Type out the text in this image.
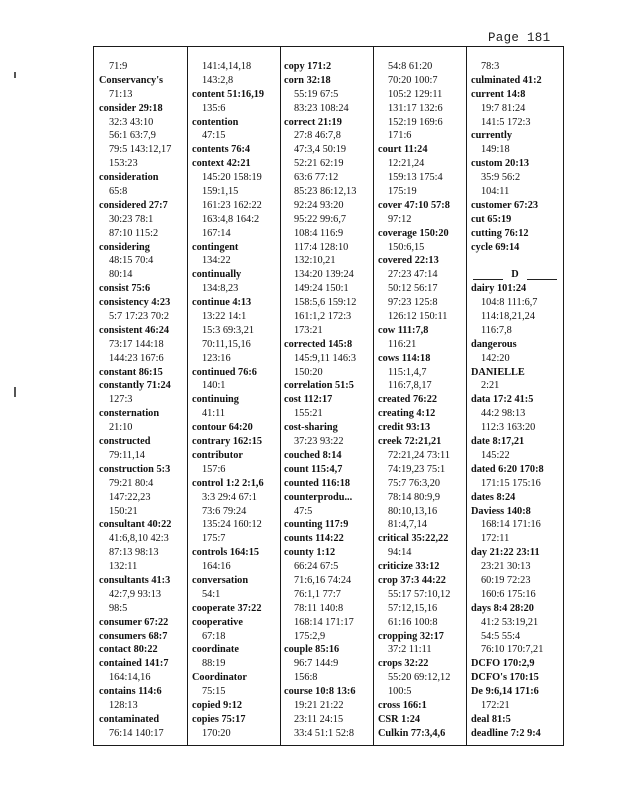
Page 181
71:9
Conservancy's
71:13
consider 29:18
32:3 43:10
56:1 63:7,9
79:5 143:12,17
153:23
consideration
65:8
considered 27:7
30:23 78:1
87:10 115:2
considering
48:15 70:4
80:14
consist 75:6
consistency 4:23
5:7 17:23 70:2
consistent 46:24
73:17 144:18
144:23 167:6
constant 86:15
constantly 71:24
127:3
consternation
21:10
constructed
79:11,14
construction 5:3
79:21 80:4
147:22,23
150:21
consultant 40:22
41:6,8,10 42:3
87:13 98:13
132:11
consultants 41:3
42:7,9 93:13
98:5
consumer 67:22
consumers 68:7
contact 80:22
contained 141:7
164:14,16
contains 114:6
128:13
contaminated
76:14 140:17
141:4,14,18
143:2,8
content 51:16,19
135:6
contention
47:15
contents 76:4
context 42:21
145:20 158:19
159:1,15
161:23 162:22
163:4,8 164:2
167:14
contingent
134:22
continually
134:8,23
continue 4:13
13:22 14:1
15:3 69:3,21
70:11,15,16
123:16
continued 76:6
140:1
continuing
41:11
contour 64:20
contrary 162:15
contributor
157:6
control 1:2 2:1,6
3:3 29:4 67:1
73:6 79:24
135:24 160:12
175:7
controls 164:15
164:16
conversation
54:1
cooperate 37:22
cooperative
67:18
coordinate
88:19
Coordinator
75:15
copied 9:12
copies 75:17
170:20
copy 171:2
corn 32:18
55:19 67:5
83:23 108:24
correct 21:19
27:8 46:7,8
47:3,4 50:19
52:21 62:19
63:6 77:12
85:23 86:12,13
92:24 93:20
95:22 99:6,7
108:4 116:9
117:4 128:10
132:10,21
134:20 139:24
149:24 150:1
158:5,6 159:12
161:1,2 172:3
173:21
corrected 145:8
145:9,11 146:3
150:20
correlation 51:5
cost 112:17
155:21
cost-sharing
37:23 93:22
couched 8:14
count 115:4,7
counted 116:18
counterprodu...
47:5
counting 117:9
counts 114:22
county 1:12
66:24 67:5
71:6,16 74:24
76:1,1 77:7
78:11 140:8
168:14 171:17
175:2,9
couple 85:16
96:7 144:9
156:8
course 10:8 13:6
19:21 21:22
23:11 24:15
33:4 51:1 52:8
54:8 61:20
70:20 100:7
105:2 129:11
131:17 132:6
152:19 169:6
171:6
court 11:24
12:21,24
159:13 175:4
175:19
cover 47:10 57:8
97:12
coverage 150:20
150:6,15
covered 22:13
27:23 47:14
50:12 56:17
97:23 125:8
126:12 150:11
cow 111:7,8
116:21
cows 114:18
115:1,4,7
116:7,8,17
created 76:22
creating 4:12
credit 93:13
creek 72:21,21
72:21,24 73:11
74:19,23 75:1
75:7 76:3,20
78:14 80:9,9
80:10,13,16
81:4,7,14
critical 35:22,22
94:14
criticize 33:12
crop 37:3 44:22
55:17 57:10,12
57:12,15,16
61:16 100:8
cropping 32:17
37:2 11:11
crops 32:22
55:20 69:12,12
100:5
cross 166:1
CSR 1:24
Culkin 77:3,4,6
78:3
culminated 41:2
current 14:8
19:7 81:24
141:5 172:3
currently
149:18
custom 20:13
35:9 56:2
104:11
customer 67:23
cut 65:19
cutting 76:12
cycle 69:14
D
dairy 101:24
104:8 111:6,7
114:18,21,24
116:7,8
dangerous
142:20
DANIELLE
2:21
data 17:2 41:5
44:2 98:13
112:3 163:20
date 8:17,21
145:22
dated 6:20 170:8
171:15 175:16
dates 8:24
Daviess 140:8
168:14 171:16
172:11
day 21:22 23:11
23:21 30:13
60:19 72:23
160:6 175:16
days 8:4 28:20
41:2 53:19,21
54:5 55:4
76:10 170:7,21
DCFO 170:2,9
DCFO's 170:15
De 9:6,14 171:6
172:21
deal 81:5
deadline 7:2 9:4
